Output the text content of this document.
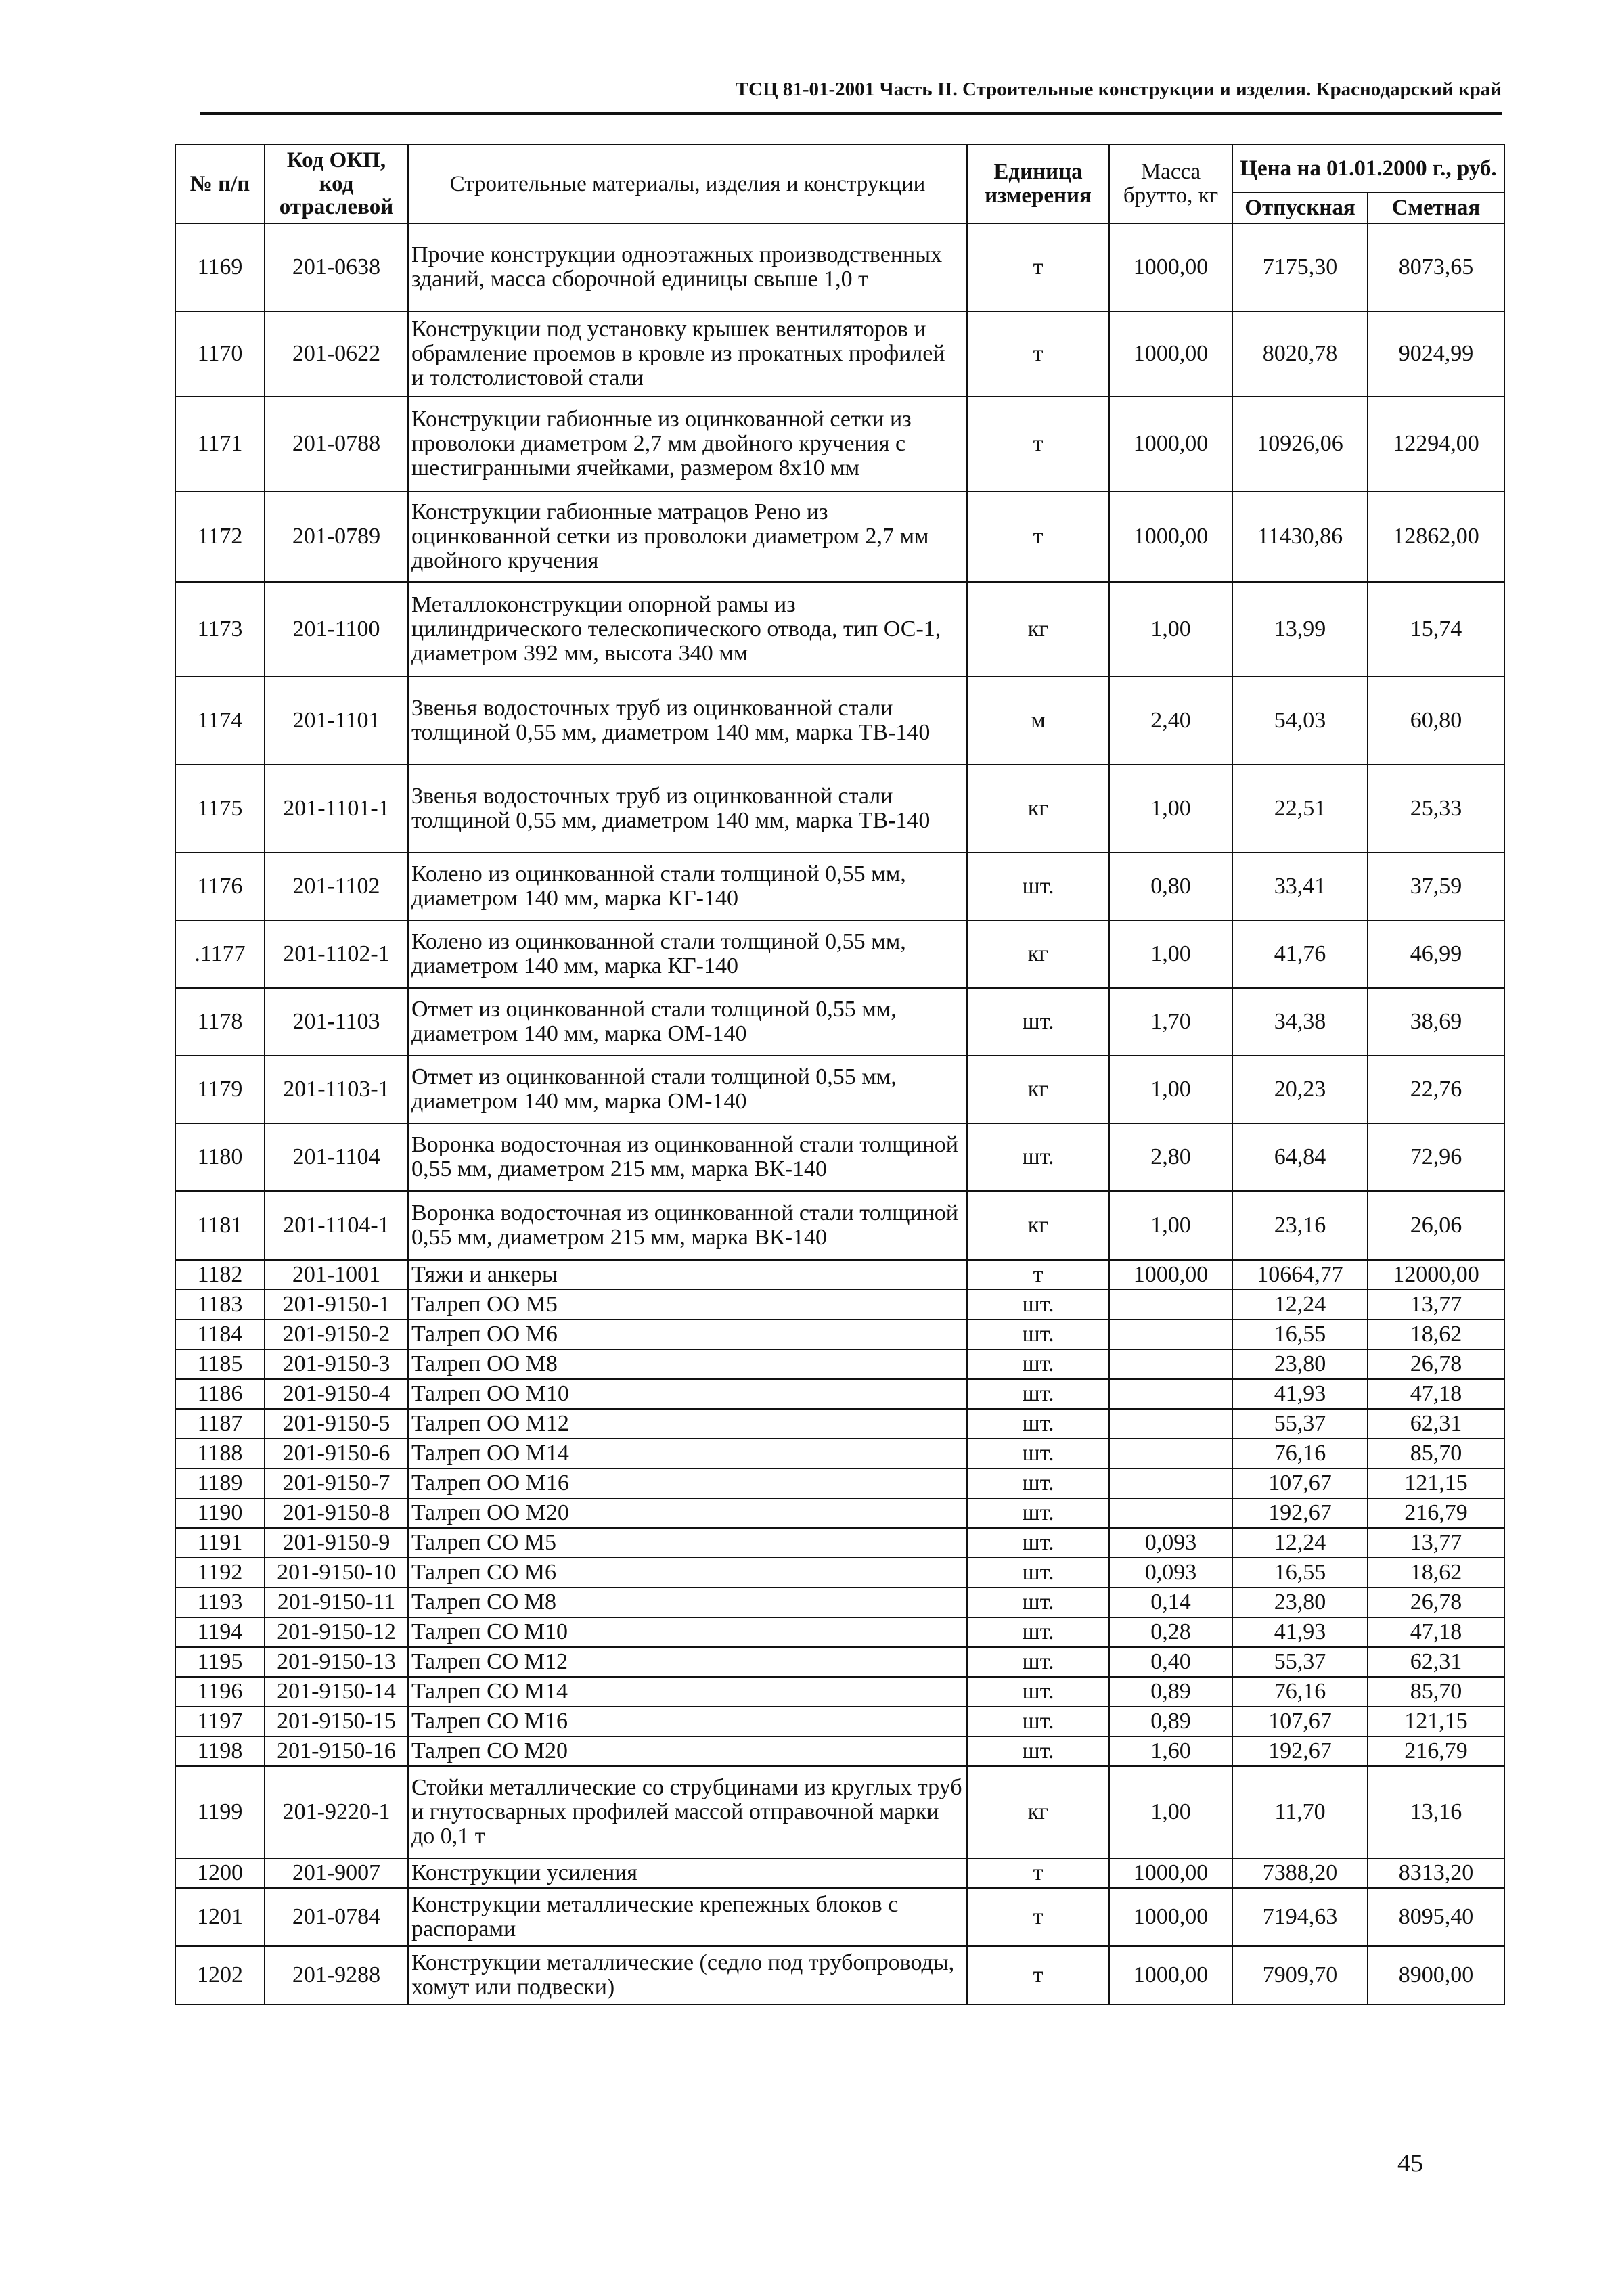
ТСЦ 81-01-2001 Часть II. Строительные конструкции и изделия. Краснодарский край
№ п/п	Код ОКП, код отраслевой	Строительные материалы, изделия и конструкции	Единица измерения	Масса брутто, кг	Цена на 01.01.2000 г., руб.	
					Отпускная	Сметная
1169	201-0638	Прочие конструкции одноэтажных производственных зданий, масса сборочной единицы свыше 1,0 т	т	1000,00	7175,30	8073,65
1170	201-0622	Конструкции под установку крышек вентиляторов и обрамление проемов в кровле из прокатных профилей и толстолистовой стали	т	1000,00	8020,78	9024,99
1171	201-0788	Конструкции габионные из оцинкованной сетки из проволоки диаметром 2,7 мм двойного кручения с шестигранными ячейками, размером 8х10 мм	т	1000,00	10926,06	12294,00
1172	201-0789	Конструкции габионные матрацов Рено из оцинкованной сетки из проволоки диаметром 2,7 мм двойного кручения	т	1000,00	11430,86	12862,00
1173	201-1100	Металлоконструкции опорной рамы из цилиндрического телескопического отвода, тип ОС-1, диаметром 392 мм, высота 340 мм	кг	1,00	13,99	15,74
1174	201-1101	Звенья водосточных труб из оцинкованной стали толщиной 0,55 мм, диаметром 140 мм, марка ТВ-140	м	2,40	54,03	60,80
1175	201-1101-1	Звенья водосточных труб из оцинкованной стали толщиной 0,55 мм, диаметром 140 мм, марка ТВ-140	кг	1,00	22,51	25,33
1176	201-1102	Колено из оцинкованной стали толщиной 0,55 мм, диаметром 140 мм, марка КГ-140	шт.	0,80	33,41	37,59
.1177	201-1102-1	Колено из оцинкованной стали толщиной 0,55 мм, диаметром 140 мм, марка КГ-140	кг	1,00	41,76	46,99
1178	201-1103	Отмет из оцинкованной стали толщиной 0,55 мм, диаметром 140 мм, марка ОМ-140	шт.	1,70	34,38	38,69
1179	201-1103-1	Отмет из оцинкованной стали толщиной 0,55 мм, диаметром 140 мм, марка ОМ-140	кг	1,00	20,23	22,76
1180	201-1104	Воронка водосточная из оцинкованной стали толщиной 0,55 мм, диаметром 215 мм, марка ВК-140	шт.	2,80	64,84	72,96
1181	201-1104-1	Воронка водосточная из оцинкованной стали толщиной 0,55 мм, диаметром 215 мм, марка ВК-140	кг	1,00	23,16	26,06
1182	201-1001	Тяжи и анкеры	т	1000,00	10664,77	12000,00
1183	201-9150-1	Талреп ОО М5	шт.		12,24	13,77
1184	201-9150-2	Талреп ОО М6	шт.		16,55	18,62
1185	201-9150-3	Талреп ОО М8	шт.		23,80	26,78
1186	201-9150-4	Талреп ОО М10	шт.		41,93	47,18
1187	201-9150-5	Талреп ОО М12	шт.		55,37	62,31
1188	201-9150-6	Талреп ОО М14	шт.		76,16	85,70
1189	201-9150-7	Талреп ОО М16	шт.		107,67	121,15
1190	201-9150-8	Талреп ОО М20	шт.		192,67	216,79
1191	201-9150-9	Талреп СО М5	шт.	0,093	12,24	13,77
1192	201-9150-10	Талреп СО М6	шт.	0,093	16,55	18,62
1193	201-9150-11	Талреп СО М8	шт.	0,14	23,80	26,78
1194	201-9150-12	Талреп СО М10	шт.	0,28	41,93	47,18
1195	201-9150-13	Талреп СО М12	шт.	0,40	55,37	62,31
1196	201-9150-14	Талреп СО М14	шт.	0,89	76,16	85,70
1197	201-9150-15	Талреп СО М16	шт.	0,89	107,67	121,15
1198	201-9150-16	Талреп СО М20	шт.	1,60	192,67	216,79
1199	201-9220-1	Стойки металлические со струбцинами из круглых труб и гнутосварных профилей массой отправочной марки до 0,1 т	кг	1,00	11,70	13,16
1200	201-9007	Конструкции усиления	т	1000,00	7388,20	8313,20
1201	201-0784	Конструкции металлические крепежных блоков с распорами	т	1000,00	7194,63	8095,40
1202	201-9288	Конструкции металлические (седло под трубопроводы, хомут или подвески)	т	1000,00	7909,70	8900,00
45
